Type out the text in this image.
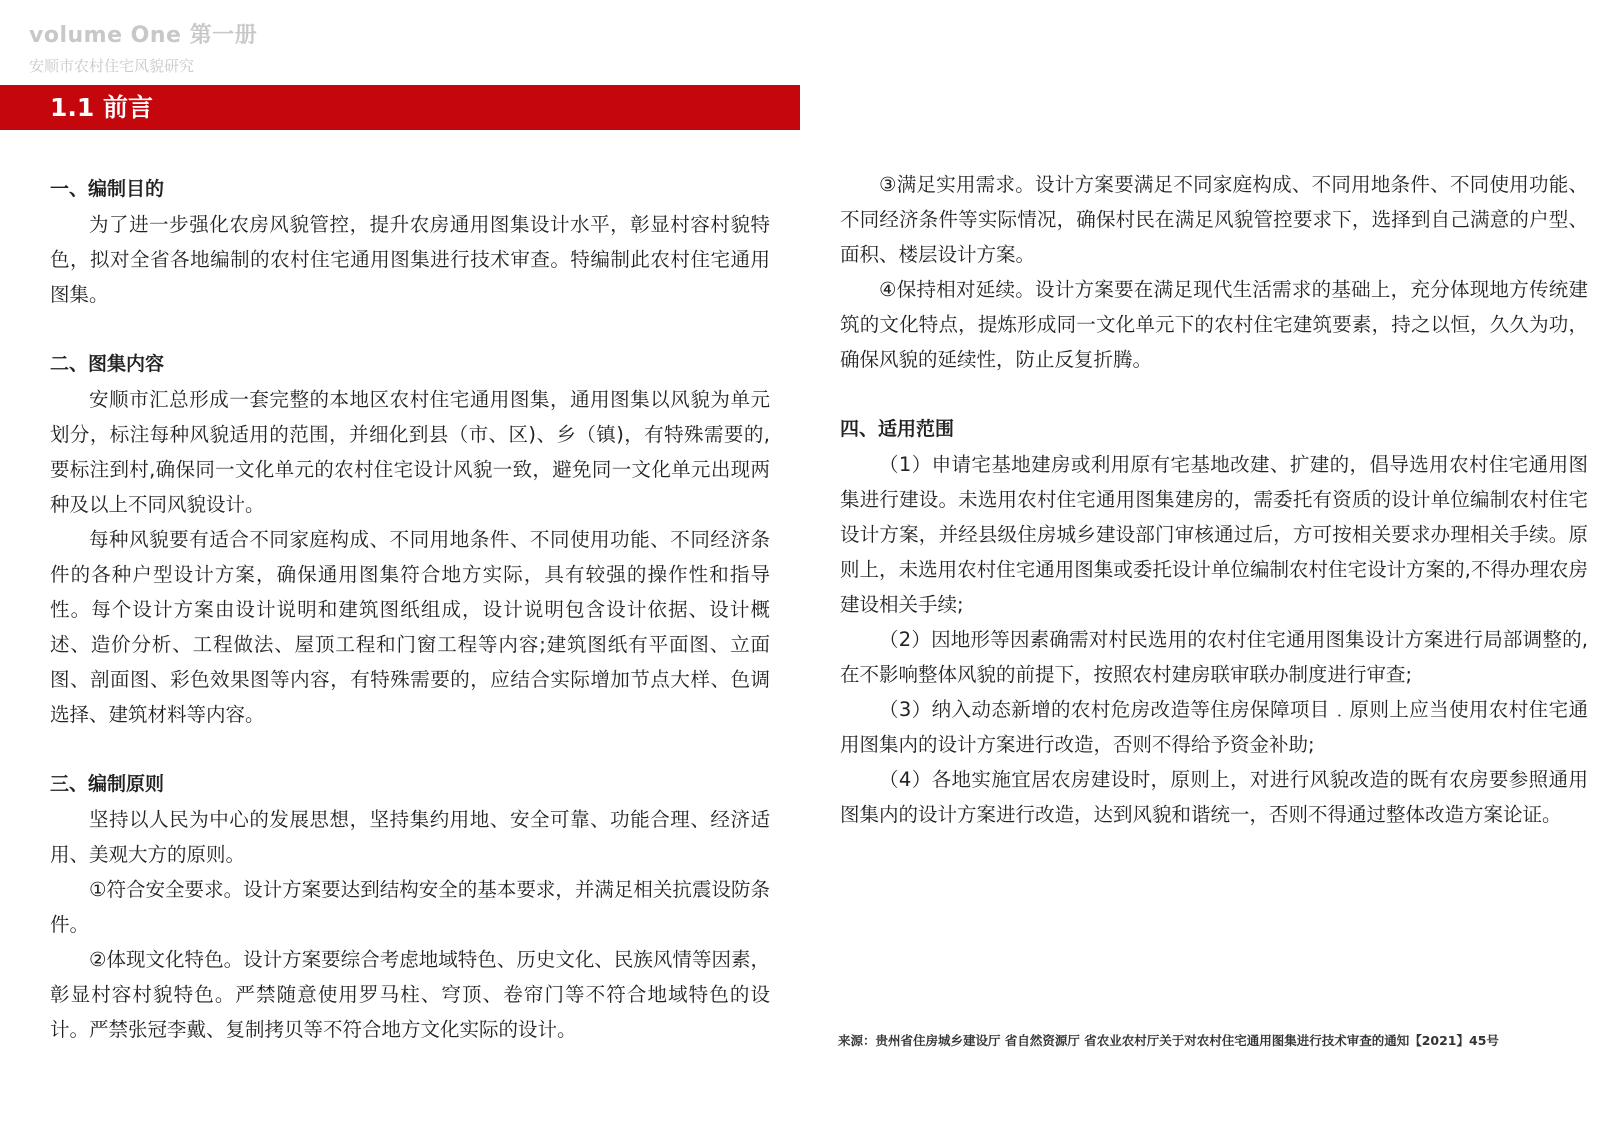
volume One 第一册
安顺市农村住宅风貌研究
1.1 前言
一、编制目的
为了进一步强化农房风貌管控，提升农房通用图集设计水平，彰显村容村貌特色，拟对全省各地编制的农村住宅通用图集进行技术审查。特编制此农村住宅通用图集。
二、图集内容
安顺市汇总形成一套完整的本地区农村住宅通用图集，通用图集以风貌为单元划分，标注每种风貌适用的范围，并细化到县（市、区)、乡（镇)，有特殊需要的,要标注到村,确保同一文化单元的农村住宅设计风貌一致，避免同一文化单元出现两种及以上不同风貌设计。
每种风貌要有适合不同家庭构成、不同用地条件、不同使用功能、不同经济条件的各种户型设计方案，确保通用图集符合地方实际，具有较强的操作性和指导性。每个设计方案由设计说明和建筑图纸组成，设计说明包含设计依据、设计概述、造价分析、工程做法、屋顶工程和门窗工程等内容;建筑图纸有平面图、立面图、剖面图、彩色效果图等内容，有特殊需要的，应结合实际增加节点大样、色调选择、建筑材料等内容。
三、编制原则
坚持以人民为中心的发展思想，坚持集约用地、安全可靠、功能合理、经济适用、美观大方的原则。
①符合安全要求。设计方案要达到结构安全的基本要求，并满足相关抗震设防条件。
②体现文化特色。设计方案要综合考虑地域特色、历史文化、民族风情等因素，彰显村容村貌特色。严禁随意使用罗马柱、穹顶、卷帘门等不符合地域特色的设计。严禁张冠李戴、复制拷贝等不符合地方文化实际的设计。
③满足实用需求。设计方案要满足不同家庭构成、不同用地条件、不同使用功能、不同经济条件等实际情况，确保村民在满足风貌管控要求下，选择到自己满意的户型、面积、楼层设计方案。
④保持相对延续。设计方案要在满足现代生活需求的基础上，充分体现地方传统建筑的文化特点，提炼形成同一文化单元下的农村住宅建筑要素，持之以恒，久久为功，确保风貌的延续性，防止反复折腾。
四、适用范围
（1）申请宅基地建房或利用原有宅基地改建、扩建的，倡导选用农村住宅通用图集进行建设。未选用农村住宅通用图集建房的，需委托有资质的设计单位编制农村住宅设计方案，并经县级住房城乡建设部门审核通过后，方可按相关要求办理相关手续。原则上，未选用农村住宅通用图集或委托设计单位编制农村住宅设计方案的,不得办理农房建设相关手续;
（2）因地形等因素确需对村民选用的农村住宅通用图集设计方案进行局部调整的,在不影响整体风貌的前提下，按照农村建房联审联办制度进行审查;
（3）纳入动态新增的农村危房改造等住房保障项目﹒原则上应当使用农村住宅通用图集内的设计方案进行改造，否则不得给予资金补助;
（4）各地实施宜居农房建设时，原则上，对进行风貌改造的既有农房要参照通用图集内的设计方案进行改造，达到风貌和谐统一，否则不得通过整体改造方案论证。
来源：贵州省住房城乡建设厅 省自然资源厅 省农业农村厅关于对农村住宅通用图集进行技术审查的通知【2021】45号
